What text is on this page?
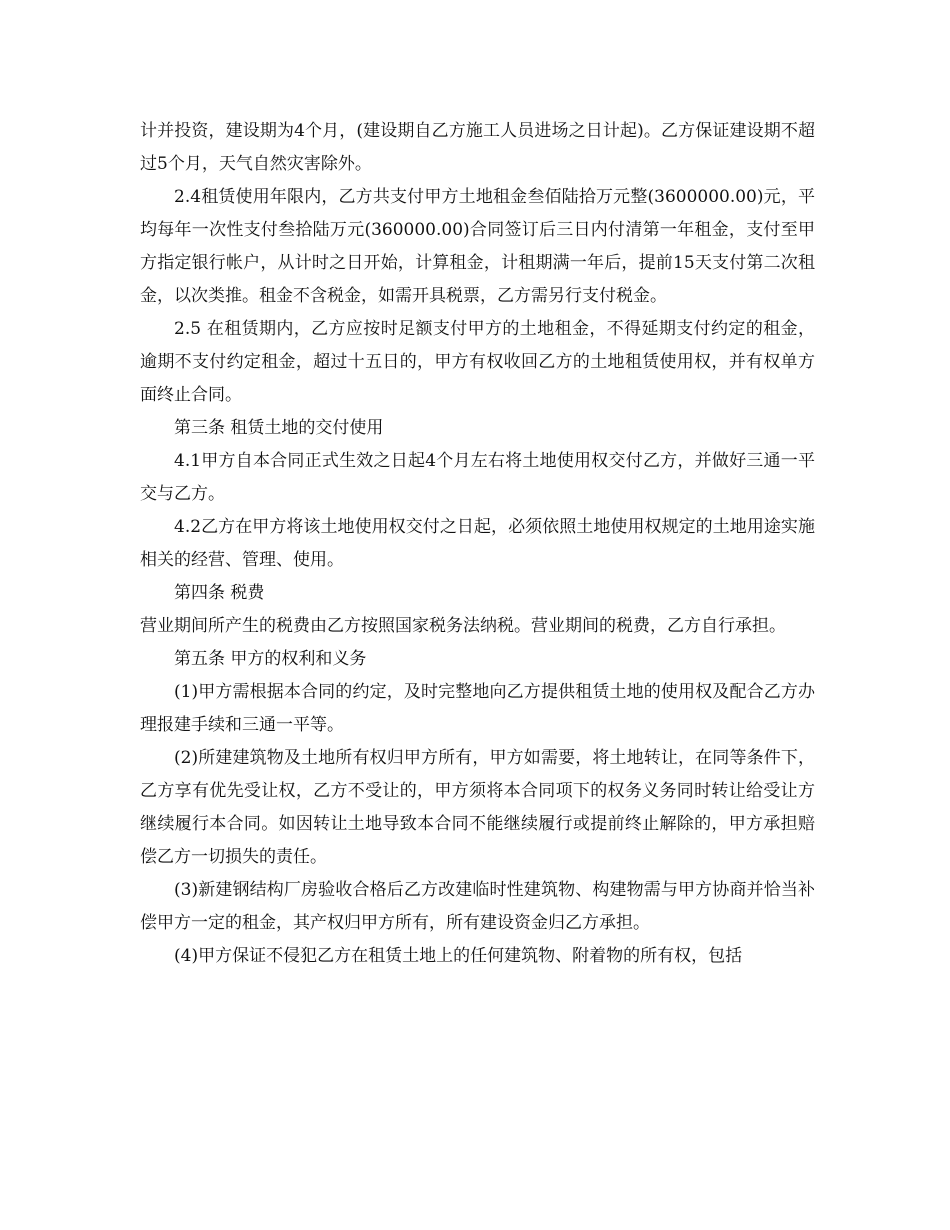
计并投资，建设期为4个月，(建设期自乙方施工人员进场之日计起)。乙方保证建设期不超过5个月，天气自然灾害除外。

2.4租赁使用年限内，乙方共支付甲方土地租金叁佰陆拾万元整(3600000.00)元，平均每年一次性支付叁拾陆万元(360000.00)合同签订后三日内付清第一年租金，支付至甲方指定银行帐户，从计时之日开始，计算租金，计租期满一年后，提前15天支付第二次租金，以次类推。租金不含税金，如需开具税票，乙方需另行支付税金。

2.5 在租赁期内，乙方应按时足额支付甲方的土地租金，不得延期支付约定的租金，逾期不支付约定租金，超过十五日的，甲方有权收回乙方的土地租赁使用权，并有权单方面终止合同。

第三条 租赁土地的交付使用

4.1甲方自本合同正式生效之日起4个月左右将土地使用权交付乙方，并做好三通一平交与乙方。

4.2乙方在甲方将该土地使用权交付之日起，必须依照土地使用权规定的土地用途实施相关的经营、管理、使用。

第四条 税费

营业期间所产生的税费由乙方按照国家税务法纳税。营业期间的税费，乙方自行承担。

第五条 甲方的权利和义务

(1)甲方需根据本合同的约定，及时完整地向乙方提供租赁土地的使用权及配合乙方办理报建手续和三通一平等。

(2)所建建筑物及土地所有权归甲方所有，甲方如需要，将土地转让，在同等条件下，乙方享有优先受让权，乙方不受让的，甲方须将本合同项下的权务义务同时转让给受让方继续履行本合同。如因转让土地导致本合同不能继续履行或提前终止解除的，甲方承担赔偿乙方一切损失的责任。

(3)新建钢结构厂房验收合格后乙方改建临时性建筑物、构建物需与甲方协商并恰当补偿甲方一定的租金，其产权归甲方所有，所有建设资金归乙方承担。

(4)甲方保证不侵犯乙方在租赁土地上的任何建筑物、附着物的所有权，包括
